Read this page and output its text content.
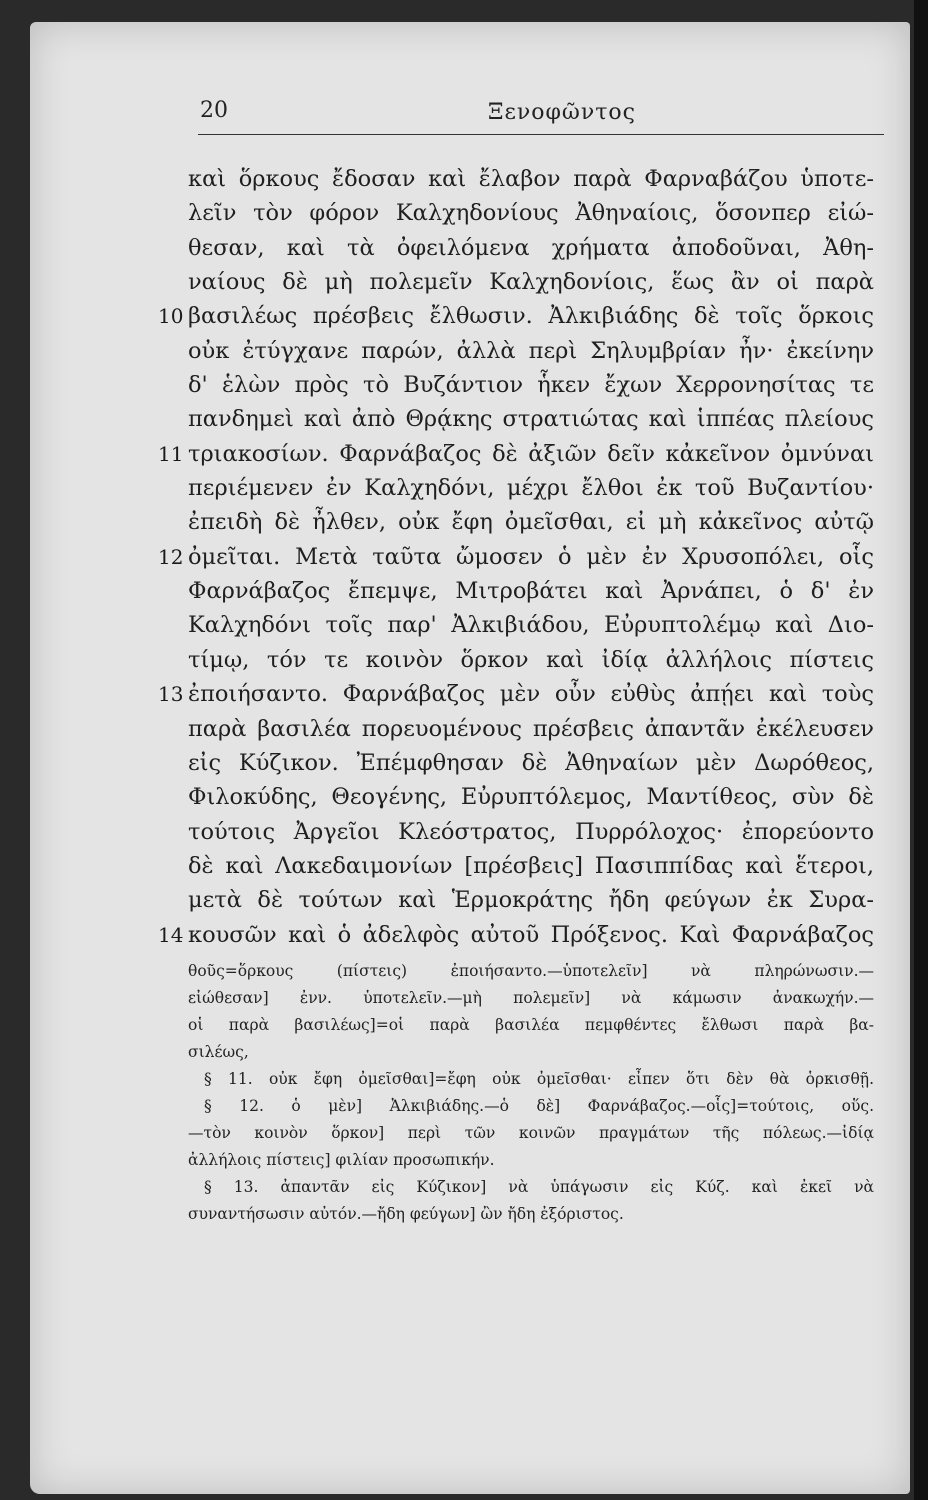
20	Ξενοφῶντος
καὶ ὅρκους ἔδοσαν καὶ ἔλαβον παρὰ Φαρναβάζου ὑποτε-
λεῖν τὸν φόρον Καλχηδονίους Ἀθηναίοις, ὅσονπερ εἰώ-
θεσαν, καὶ τὰ ὀφειλόμενα χρήματα ἀποδοῦναι, Ἀθη-
ναίους δὲ μὴ πολεμεῖν Καλχηδονίοις, ἕως ἂν οἱ παρὰ
10 βασιλέως πρέσβεις ἔλθωσιν. Ἀλκιβιάδης δὲ τοῖς ὅρκοις
οὐκ ἐτύγχανε παρών, ἀλλὰ περὶ Σηλυμβρίαν ἦν· ἐκείνην
δ' ἑλὼν πρὸς τὸ Βυζάντιον ἧκεν ἔχων Χερρονησίτας τε
πανδημεὶ καὶ ἀπὸ Θρᾴκης στρατιώτας καὶ ἱππέας πλείους
11 τριακοσίων. Φαρνάβαζος δὲ ἀξιῶν δεῖν κἀκεῖνον ὀμνύναι
περιέμενεν ἐν Καλχηδόνι, μέχρι ἔλθοι ἐκ τοῦ Βυζαντίου·
ἐπειδὴ δὲ ἦλθεν, οὐκ ἔφη ὀμεῖσθαι, εἰ μὴ κἀκεῖνος αὐτῷ
12 ὀμεῖται. Μετὰ ταῦτα ὤμοσεν ὁ μὲν ἐν Χρυσοπόλει, οἷς
Φαρνάβαζος ἔπεμψε, Μιτροβάτει καὶ Ἀρνάπει, ὁ δ' ἐν
Καλχηδόνι τοῖς παρ' Ἀλκιβιάδου, Εὐρυπτολέμῳ καὶ Διο-
τίμῳ, τόν τε κοινὸν ὅρκον καὶ ἰδίᾳ ἀλλήλοις πίστεις
13 ἐποιήσαντο. Φαρνάβαζος μὲν οὖν εὐθὺς ἀπῄει καὶ τοὺς
παρὰ βασιλέα πορευομένους πρέσβεις ἀπαντᾶν ἐκέλευσεν
εἰς Κύζικον. Ἐπέμφθησαν δὲ Ἀθηναίων μὲν Δωρόθεος,
Φιλοκύδης, Θεογένης, Εὐρυπτόλεμος, Μαντίθεος, σὺν δὲ
τούτοις Ἀργεῖοι Κλεόστρατος, Πυρρόλοχος· ἐπορεύοντο
δὲ καὶ Λακεδαιμονίων [πρέσβεις] Πασιππίδας καὶ ἕτεροι,
μετὰ δὲ τούτων καὶ Ἑρμοκράτης ἤδη φεύγων ἐκ Συρα-
14 κουσῶν καὶ ὁ ἀδελφὸς αὐτοῦ Πρόξενος. Καὶ Φαρνάβαζος
θοῦς=ὅρκους (πίστεις) ἐποιήσαντο.—ὑποτελεῖν] νὰ πληρώνωσιν.—
εἰώθεσαν] ἐνν. ὑποτελεῖν.—μὴ πολεμεῖν] νὰ κάμωσιν ἀνακωχήν.—
οἱ παρὰ βασιλέως]=οἱ παρὰ βασιλέα πεμφθέντες ἔλθωσι παρὰ βα-
σιλέως,
§ 11. οὐκ ἔφη ὀμεῖσθαι]=ἔφη οὐκ ὀμεῖσθαι· εἶπεν ὅτι δὲν θὰ ὁρκισθῇ.
§ 12. ὁ μὲν] Ἀλκιβιάδης.—ὁ δὲ] Φαρνάβαζος.—οἷς]=τούτοις, οὕς.
—τὸν κοινὸν ὅρκον] περὶ τῶν κοινῶν πραγμάτων τῆς πόλεως.—ἰδίᾳ
ἀλλήλοις πίστεις] φιλίαν προσωπικήν.
§ 13. ἀπαντᾶν εἰς Κύζικον] νὰ ὑπάγωσιν εἰς Κύζ. καὶ ἐκεῖ νὰ
συναντήσωσιν αὐτόν.—ἤδη φεύγων] ὢν ἤδη ἐξόριστος.
